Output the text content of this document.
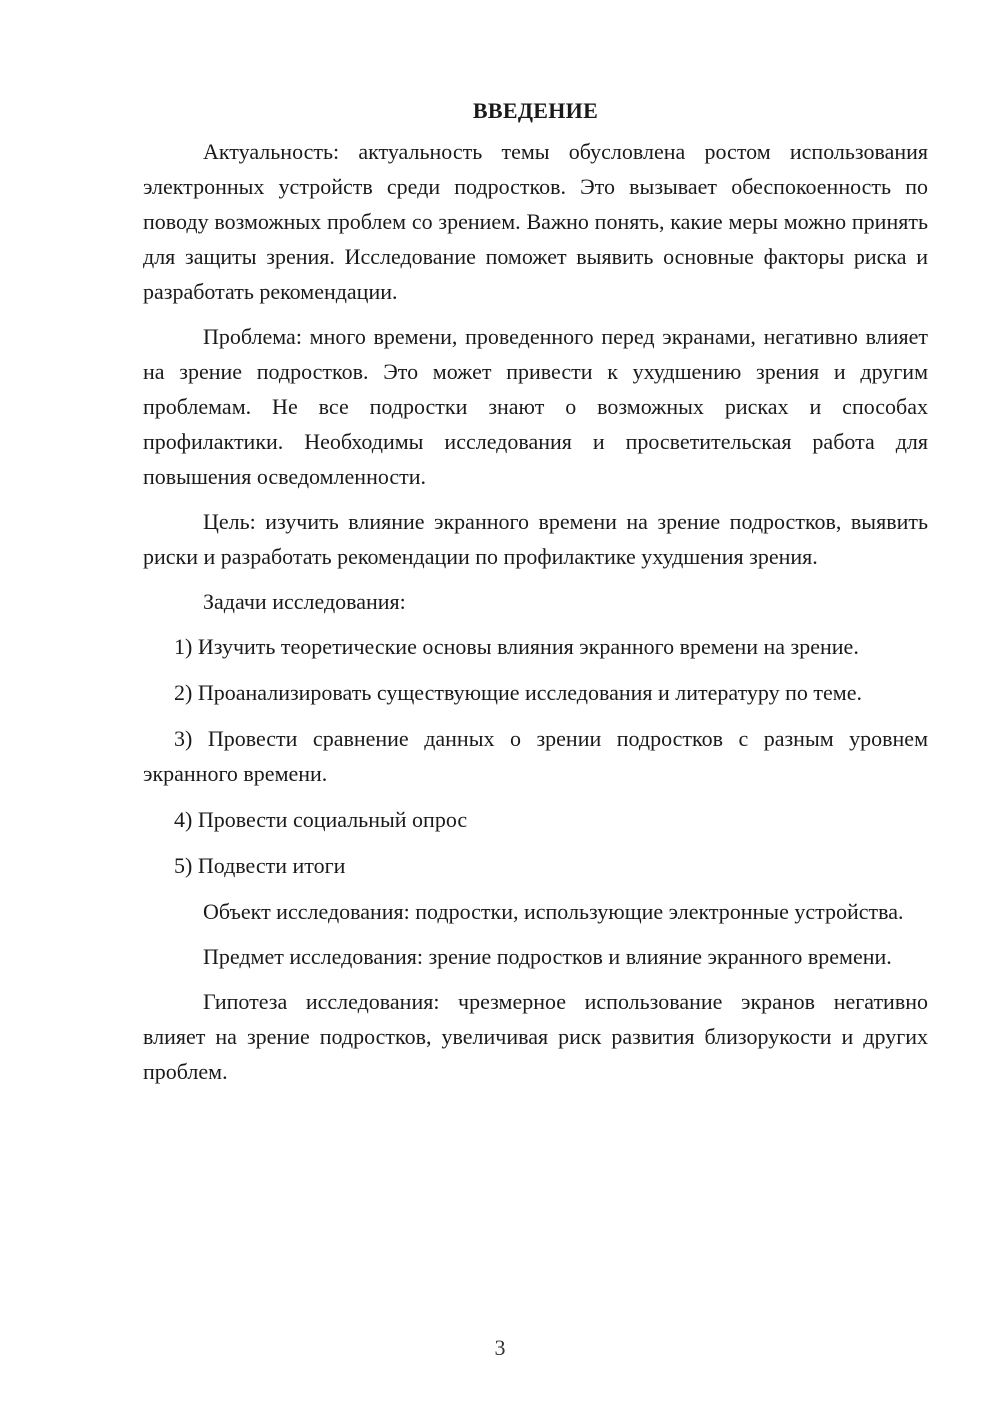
ВВЕДЕНИЕ

Актуальность: актуальность темы обусловлена ростом использования электронных устройств среди подростков. Это вызывает обеспокоенность по поводу возможных проблем со зрением. Важно понять, какие меры можно принять для защиты зрения. Исследование поможет выявить основные факторы риска и разработать рекомендации.

Проблема: много времени, проведенного перед экранами, негативно влияет на зрение подростков. Это может привести к ухудшению зрения и другим проблемам. Не все подростки знают о возможных рисках и способах профилактики. Необходимы исследования и просветительская работа для повышения осведомленности.

Цель: изучить влияние экранного времени на зрение подростков, выявить риски и разработать рекомендации по профилактике ухудшения зрения.

Задачи исследования:

1) Изучить теоретические основы влияния экранного времени на зрение.

2) Проанализировать существующие исследования и литературу по теме.

3) Провести сравнение данных о зрении подростков с разным уровнем экранного времени.

4) Провести социальный опрос

5) Подвести итоги

Объект исследования: подростки, использующие электронные устройства.

Предмет исследования: зрение подростков и влияние экранного времени.

Гипотеза исследования: чрезмерное использование экранов негативно влияет на зрение подростков, увеличивая риск развития близорукости и других проблем.

3
